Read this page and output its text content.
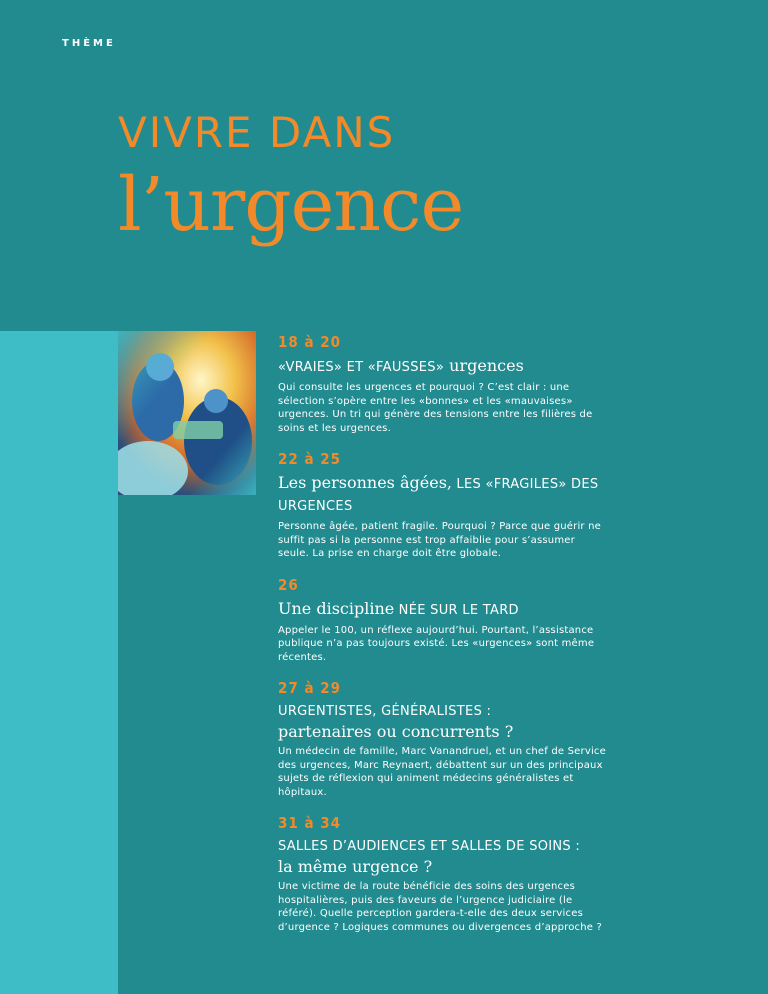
THÈME
VIVRE DANS
l’urgence
18 à 20
«VRAIES» ET «FAUSSES» urgences
Qui consulte les urgences et pourquoi ? C’est clair : une sélection s’opère entre les «bonnes» et les «mauvaises» urgences. Un tri qui génère des tensions entre les filières de soins et les urgences.
22 à 25
Les personnes âgées, LES «FRAGILES» DES URGENCES
Personne âgée, patient fragile. Pourquoi ? Parce que guérir ne suffit pas si la personne est trop affaiblie pour s’assumer seule. La prise en charge doit être globale.
26
Une discipline NÉE SUR LE TARD
Appeler le 100, un réflexe aujourd’hui. Pourtant, l’assistance publique n’a pas toujours existé. Les «urgences» sont même récentes.
27 à 29
URGENTISTES, GÉNÉRALISTES :
partenaires ou concurrents ?
Un médecin de famille, Marc Vanandruel, et un chef de Service des urgences, Marc Reynaert, débattent sur un des principaux sujets de réflexion qui animent médecins généralistes et hôpitaux.
31 à 34
SALLES D’AUDIENCES ET SALLES DE SOINS :
la même urgence ?
Une victime de la route bénéficie des soins des urgences hospitalières, puis des faveurs de l’urgence judiciaire (le référé). Quelle perception gardera-t-elle des deux services d’urgence ? Logiques communes ou divergences d’approche ?
